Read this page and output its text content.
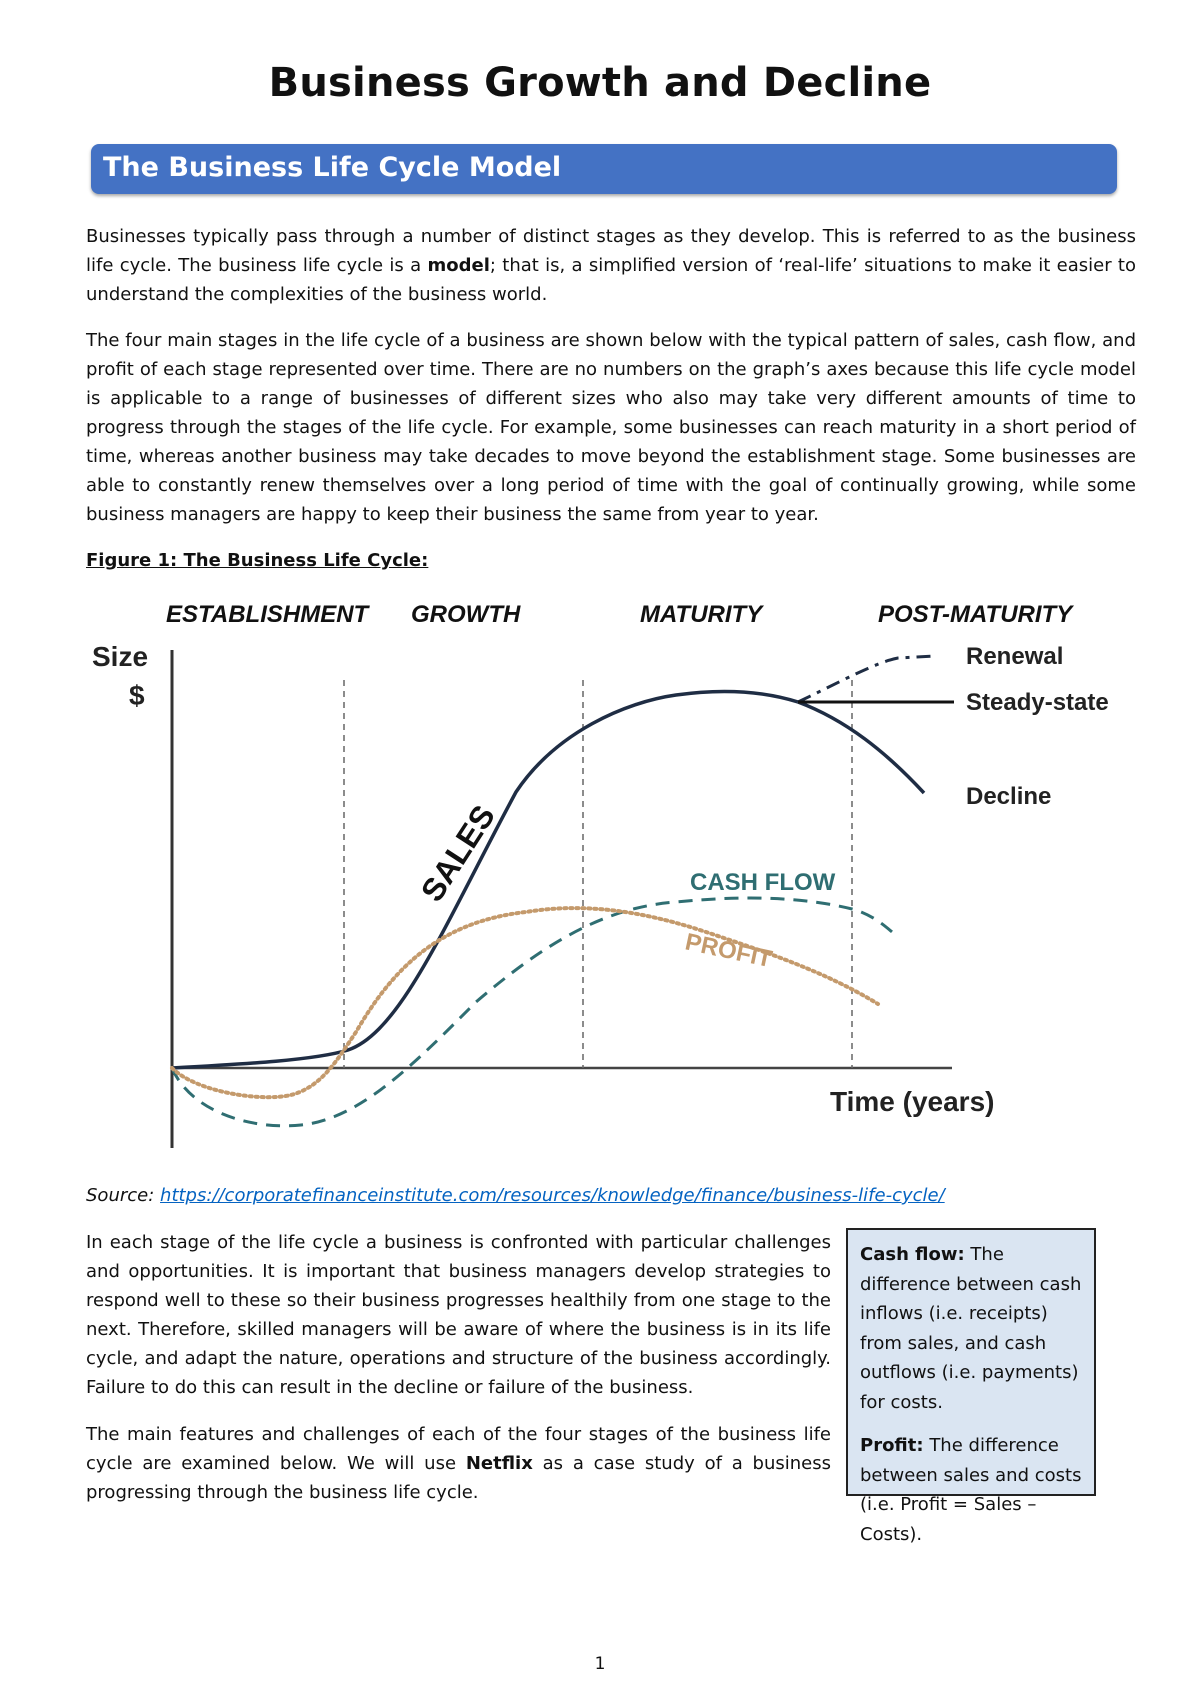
Business Growth and Decline
The Business Life Cycle Model

Businesses typically pass through a number of distinct stages as they develop. This is referred to as the business life cycle. The business life cycle is a model; that is, a simplified version of ‘real-life’ situations to make it easier to understand the complexities of the business world.

The four main stages in the life cycle of a business are shown below with the typical pattern of sales, cash flow, and profit of each stage represented over time. There are no numbers on the graph’s axes because this life cycle model is applicable to a range of businesses of different sizes who also may take very different amounts of time to progress through the stages of the life cycle. For example, some businesses can reach maturity in a short period of time, whereas another business may take decades to move beyond the establishment stage. Some businesses are able to constantly renew themselves over a long period of time with the goal of continually growing, while some business managers are happy to keep their business the same from year to year.

Figure 1: The Business Life Cycle:
ESTABLISHMENT GROWTH	MATURITY	POST-MATURITY
Size
$
SALES	CASH FLOW
PROFIT
Renewal
Steady-state
Decline
Time (years)
Source: https://corporatefinanceinstitute.com/resources/knowledge/finance/business-life-cycle/

In each stage of the life cycle a business is confronted with particular challenges and opportunities. It is important that business managers develop strategies to respond well to these so their business progresses healthily from one stage to the next. Therefore, skilled managers will be aware of where the business is in its life cycle, and adapt the nature, operations and structure of the business accordingly. Failure to do this can result in the decline or failure of the business.

The main features and challenges of each of the four stages of the business life cycle are examined below. We will use Netflix as a case study of a business progressing through the business life cycle.

Cash flow: The difference between cash inflows (i.e. receipts) from sales, and cash outflows (i.e. payments) for costs.

Profit: The difference between sales and costs (i.e. Profit = Sales – Costs).

1
